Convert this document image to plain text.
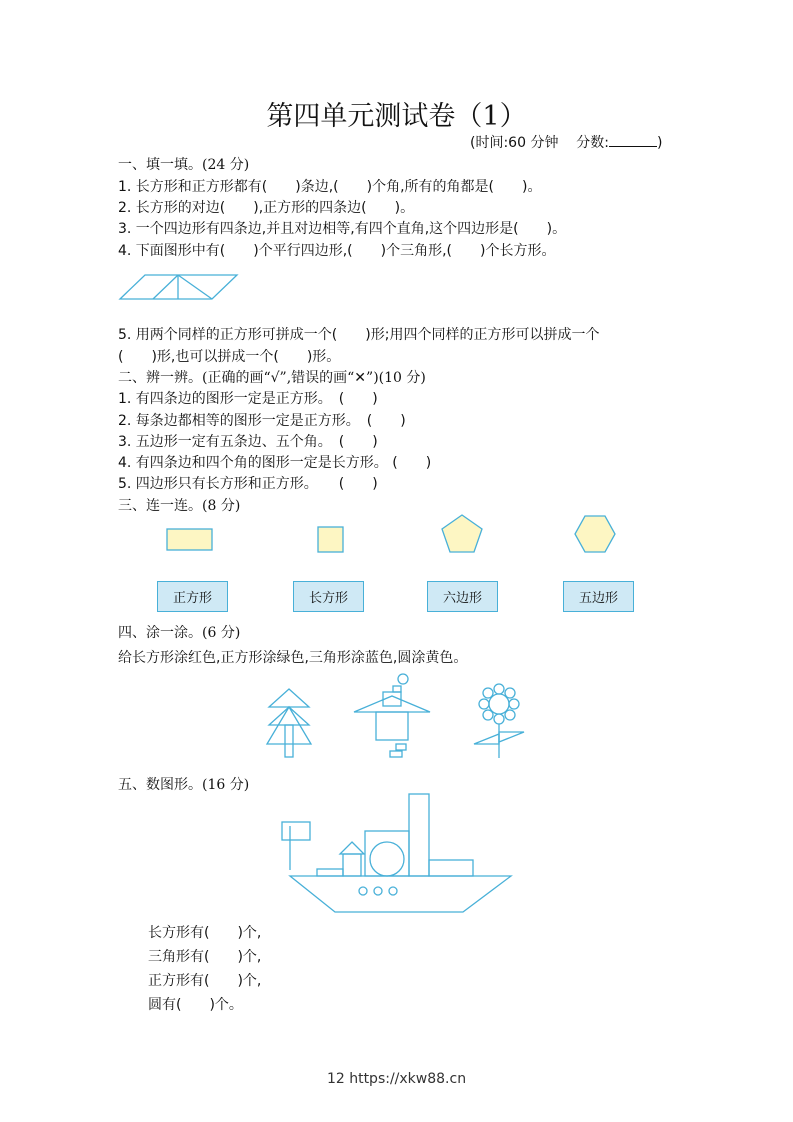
第四单元测试卷（1）
(时间:60 分钟 分数:	)
一、填一填。(24 分)
1. 长方形和正方形都有(　　)条边,(　　)个角,所有的角都是(　　)。
2. 长方形的对边(　　),正方形的四条边(　　)。
3. 一个四边形有四条边,并且对边相等,有四个直角,这个四边形是(　　)。
4. 下面图形中有(　　)个平行四边形,(　　)个三角形,(　　)个长方形。
5. 用两个同样的正方形可拼成一个(　　)形;用四个同样的正方形可以拼成一个
(　　)形,也可以拼成一个(　　)形。
二、辨一辨。(正确的画“√”,错误的画“✕”)(10 分)
1. 有四条边的图形一定是正方形。　(　　)
2. 每条边都相等的图形一定是正方形。　(　　)
3. 五边形一定有五条边、五个角。　(　　)
4. 有四条边和四个角的图形一定是长方形。 (　　)
5. 四边形只有长方形和正方形。　　(　　)
三、连一连。(8 分)
正方形	长方形	六边形	五边形
四、涂一涂。(6 分)
给长方形涂红色,正方形涂绿色,三角形涂蓝色,圆涂黄色。
五、数图形。(16 分)
长方形有(　　)个,
三角形有(　　)个,
正方形有(　　)个,
圆有(　　)个。
12 https://xkw88.cn
